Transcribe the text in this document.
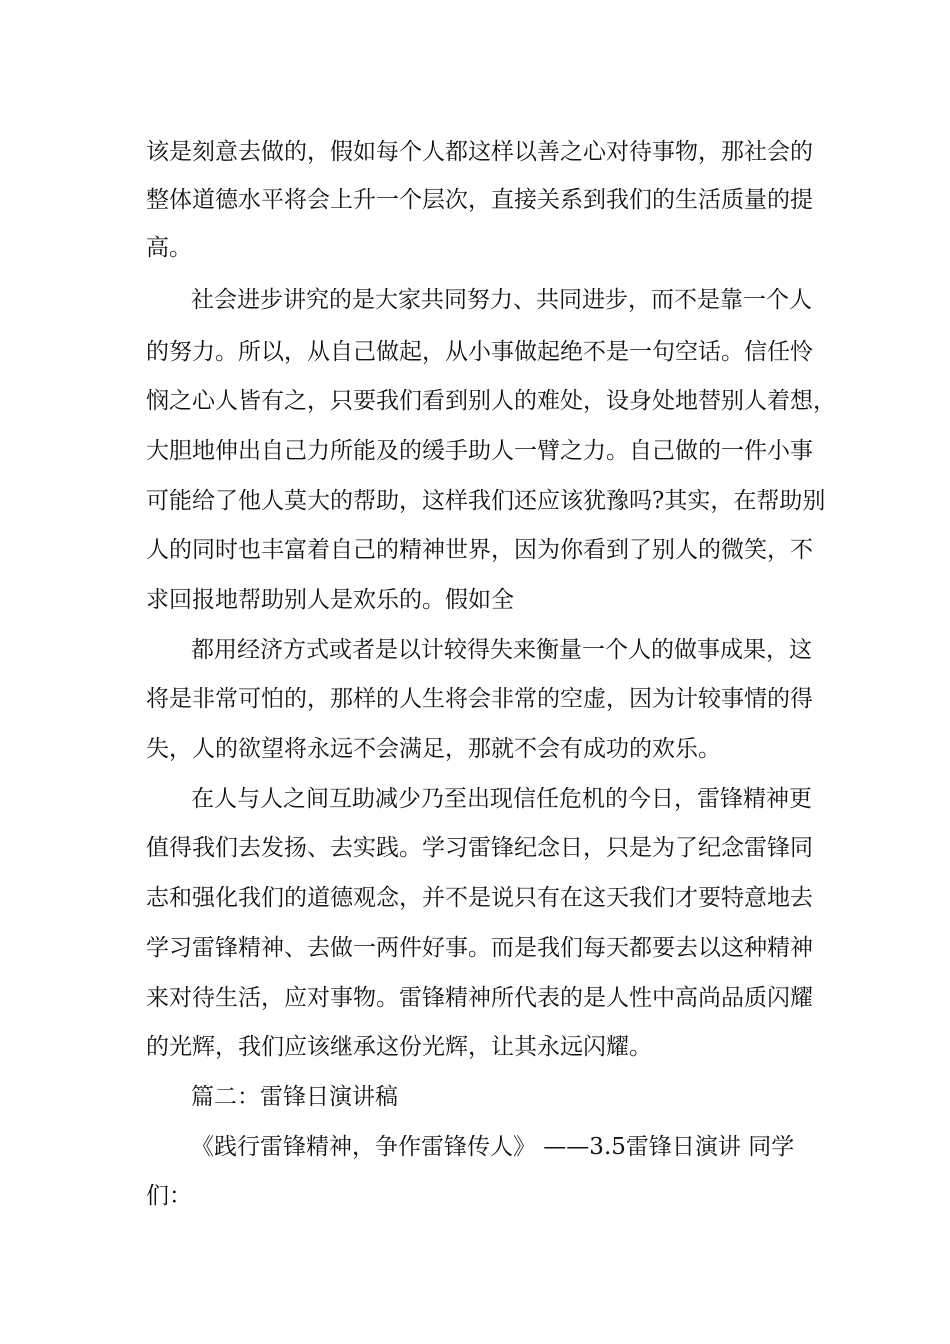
该是刻意去做的，假如每个人都这样以善之心对待事物，那社会的
整体道德水平将会上升一个层次，直接关系到我们的生活质量的提
高。
社会进步讲究的是大家共同努力、共同进步，而不是靠一个人
的努力。所以，从自己做起，从小事做起绝不是一句空话。信任怜
悯之心人皆有之，只要我们看到别人的难处，设身处地替别人着想，
大胆地伸出自己力所能及的缓手助人一臂之力。自己做的一件小事
可能给了他人莫大的帮助，这样我们还应该犹豫吗?其实，在帮助别
人的同时也丰富着自己的精神世界，因为你看到了别人的微笑，不
求回报地帮助别人是欢乐的。假如全
都用经济方式或者是以计较得失来衡量一个人的做事成果，这
将是非常可怕的，那样的人生将会非常的空虚，因为计较事情的得
失，人的欲望将永远不会满足，那就不会有成功的欢乐。
在人与人之间互助减少乃至出现信任危机的今日，雷锋精神更
值得我们去发扬、去实践。学习雷锋纪念日，只是为了纪念雷锋同
志和强化我们的道德观念，并不是说只有在这天我们才要特意地去
学习雷锋精神、去做一两件好事。而是我们每天都要去以这种精神
来对待生活，应对事物。雷锋精神所代表的是人性中高尚品质闪耀
的光辉，我们应该继承这份光辉，让其永远闪耀。
篇二：雷锋日演讲稿
《践行雷锋精神，争作雷锋传人》 ——3.5雷锋日演讲 同学
们：
